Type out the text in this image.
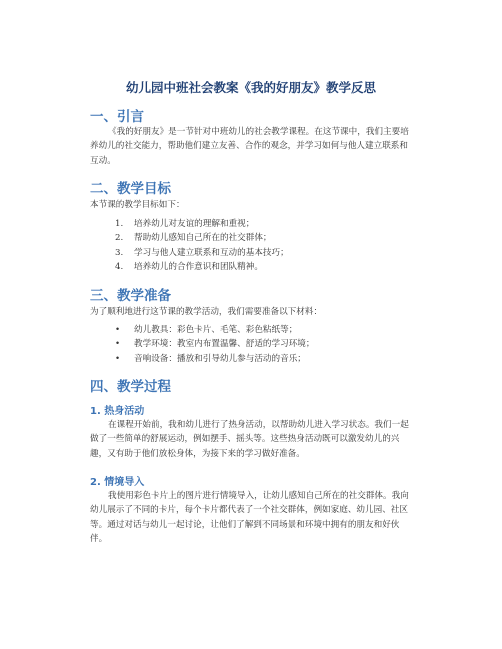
幼儿园中班社会教案《我的好朋友》教学反思
一、引言

《我的好朋友》是一节针对中班幼儿的社会教学课程。在这节课中，我们主要培养幼儿的社交能力，帮助他们建立友善、合作的观念，并学习如何与他人建立联系和互动。

二、教学目标

本节课的教学目标如下：

1. 培养幼儿对友谊的理解和重视；
2. 帮助幼儿感知自己所在的社交群体；
3. 学习与他人建立联系和互动的基本技巧；
4. 培养幼儿的合作意识和团队精神。
三、教学准备

为了顺利地进行这节课的教学活动，我们需要准备以下材料：

• 幼儿教具：彩色卡片、毛笔、彩色粘纸等；
• 教学环境：教室内布置温馨、舒适的学习环境；
• 音响设备：播放和引导幼儿参与活动的音乐；
四、教学过程
1. 热身活动

在课程开始前，我和幼儿进行了热身活动，以帮助幼儿进入学习状态。我们一起做了一些简单的舒展运动，例如摆手、摇头等。这些热身活动既可以激发幼儿的兴趣，又有助于他们放松身体，为接下来的学习做好准备。

2. 情境导入

我使用彩色卡片上的图片进行情境导入，让幼儿感知自己所在的社交群体。我向幼儿展示了不同的卡片，每个卡片都代表了一个社交群体，例如家庭、幼儿园、社区等。通过对话与幼儿一起讨论，让他们了解到不同场景和环境中拥有的朋友和好伙伴。
